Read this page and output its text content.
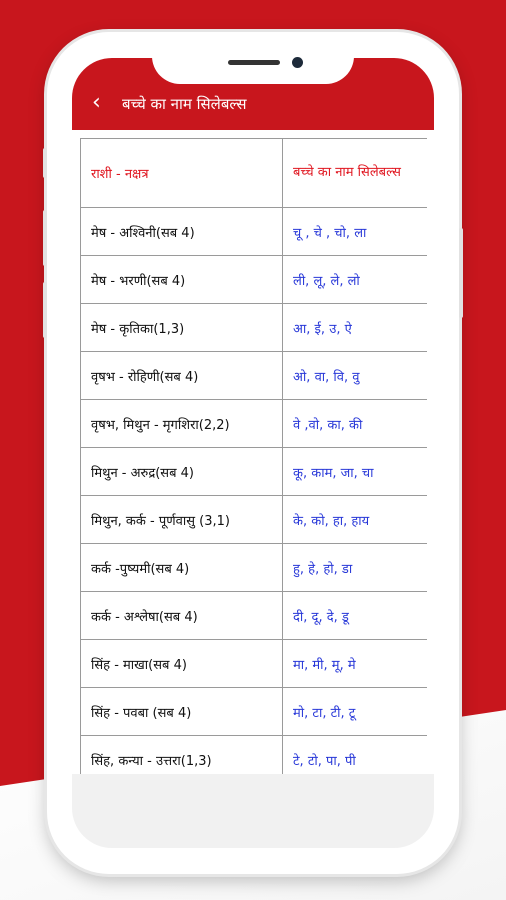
‹ बच्चे का नाम सिलेबल्स
राशी - नक्षत्र	बच्चे का नाम सिलेबल्स
मेष - अश्विनी(सब 4)	चू , चे , चो, ला
मेष - भरणी(सब 4)	ली, लू, ले, लो
मेष - कृतिका(1,3)	आ, ई, उ, ऐ
वृषभ - रोहिणी(सब 4)	ओ, वा, वि, वु
वृषभ, मिथुन - मृगशिरा(2,2)	वे ,वो, का, की
मिथुन - अरुद्र(सब 4)	कू, काम, जा, चा
मिथुन, कर्क - पूर्णवासु (3,1)	के, को, हा, हाय
कर्क -पुष्यमी(सब 4)	हु, हे, हो, डा
कर्क - अश्लेषा(सब 4)	दी, दू, दे, डू
सिंह - माखा(सब 4)	मा, मी, मू, मे
सिंह - पवबा (सब 4)	मो, टा, टी, टू
सिंह, कन्या - उत्तरा(1,3)	टे, टो, पा, पी
